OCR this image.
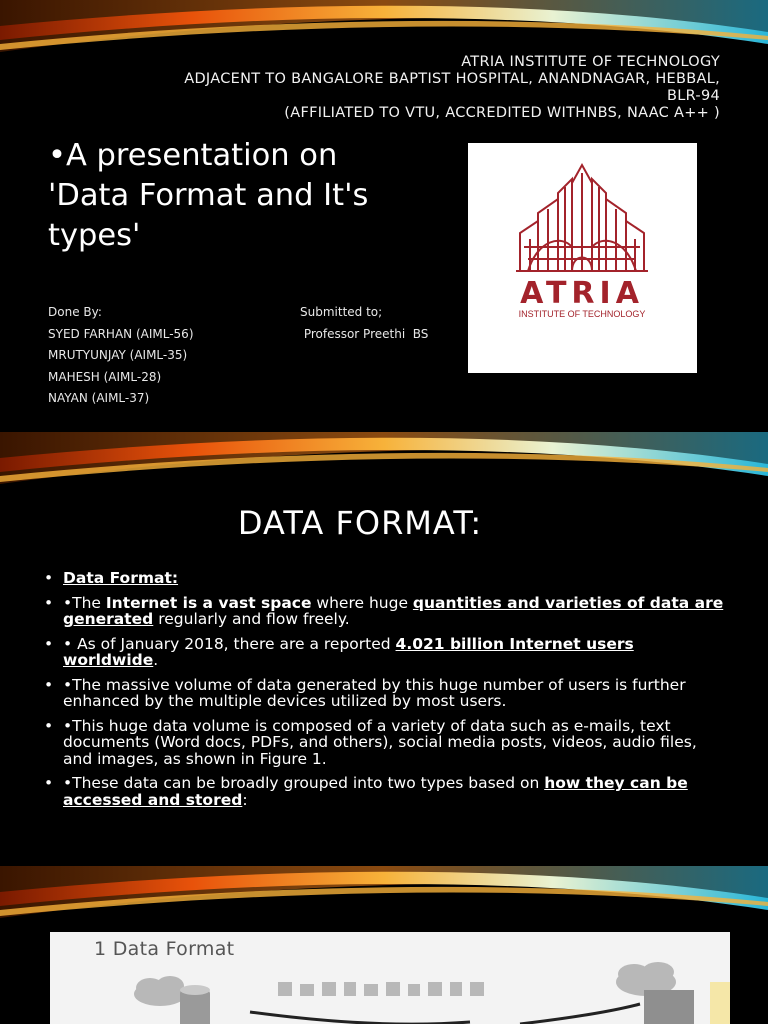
ATRIA INSTITUTE OF TECHNOLOGY
ADJACENT TO BANGALORE BAPTIST HOSPITAL, ANANDNAGAR, HEBBAL,
BLR-94
(AFFILIATED TO VTU, ACCREDITED WITHNBS, NAAC A++ )
•A presentation on 'Data Format and It's types'
Done By:
SYED FARHAN (AIML-56)
MRUTYUNJAY (AIML-35)
MAHESH (AIML-28)
NAYAN (AIML-37)
Submitted to;
Professor Preethi  BS
ATRIA
INSTITUTE OF TECHNOLOGY
DATA FORMAT:
• Data Format:
• •The Internet is a vast space where huge quantities and varieties of data are generated regularly and flow freely.
• • As of January 2018, there are a reported 4.021 billion Internet users worldwide.
• •The massive volume of data generated by this huge number of users is further enhanced by the multiple devices utilized by most users.
• •This huge data volume is composed of a variety of data such as e-mails, text documents (Word docs, PDFs, and others), social media posts, videos, audio files, and images, as shown in Figure 1.
• •These data can be broadly grouped into two types based on how they can be accessed and stored:
1 Data Format
